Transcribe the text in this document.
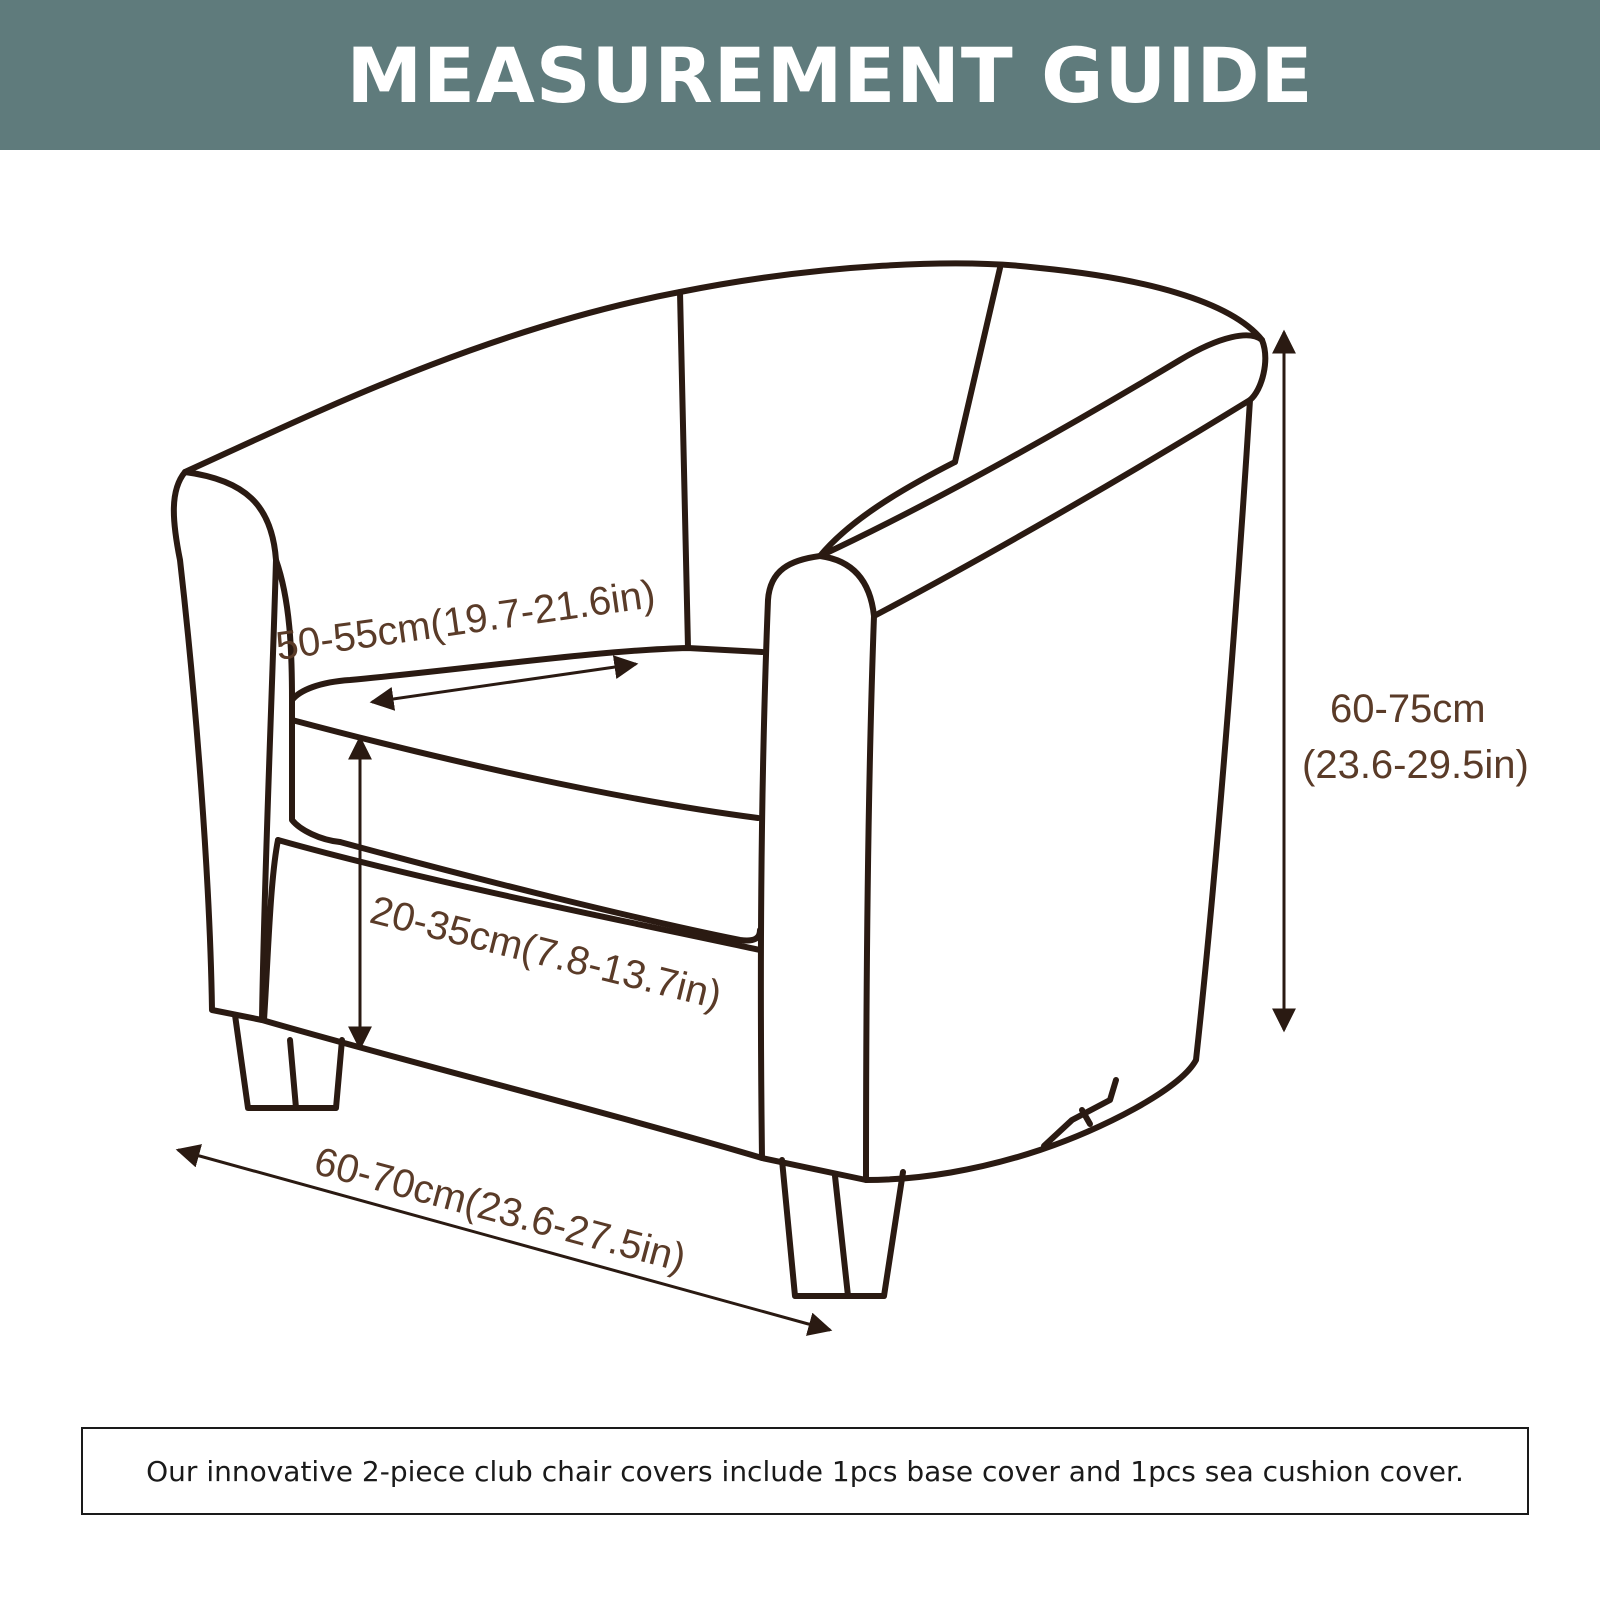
MEASUREMENT GUIDE
50-55cm(19.7-21.6in)
20-35cm(7.8-13.7in)
60-75cm
(23.6-29.5in)
60-70cm(23.6-27.5in)
Our innovative 2-piece club chair covers include 1pcs base cover and 1pcs sea cushion cover.
